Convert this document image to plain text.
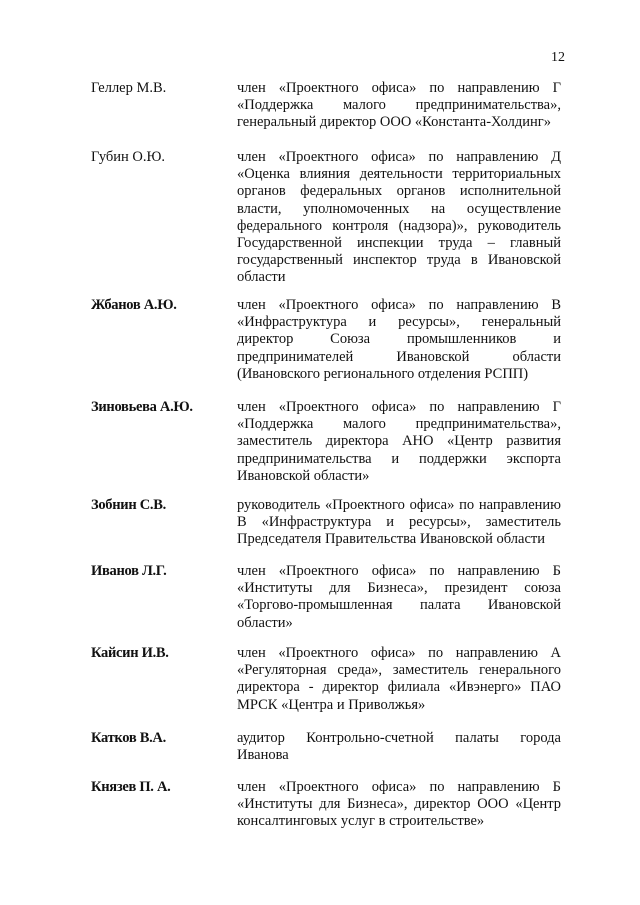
12
Геллер М.В.	член «Проектного офиса» по направлению Г «Поддержка малого предпринимательства», генеральный директор ООО «Константа-Холдинг»

Губин О.Ю.	член «Проектного офиса» по направлению Д «Оценка влияния деятельности территориальных органов федеральных органов исполнительной власти, уполномоченных на осуществление федерального контроля (надзора)», руководитель Государственной инспекции труда – главный государственный инспектор труда в Ивановской области

Жбанов А.Ю.	член «Проектного офиса» по направлению В «Инфраструктура и ресурсы», генеральный директор Союза промышленников и предпринимателей Ивановской области (Ивановского регионального отделения РСПП)

Зиновьева А.Ю.	член «Проектного офиса» по направлению Г «Поддержка малого предпринимательства», заместитель директора АНО «Центр развития предпринимательства и поддержки экспорта Ивановской области»

Зобнин С.В.	руководитель «Проектного офиса» по направлению В «Инфраструктура и ресурсы», заместитель Председателя Правительства Ивановской области

Иванов Л.Г.	член «Проектного офиса» по направлению Б «Институты для Бизнеса», президент союза «Торгово-промышленная палата Ивановской области»

Кайсин И.В.	член «Проектного офиса» по направлению А «Регуляторная среда», заместитель генерального директора - директор филиала «Ивэнерго» ПАО МРСК «Центра и Приволжья»

Катков В.А.	аудитор Контрольно-счетной палаты города Иванова

Князев П. А.	член «Проектного офиса» по направлению Б «Институты для Бизнеса», директор ООО «Центр консалтинговых услуг в строительстве»
